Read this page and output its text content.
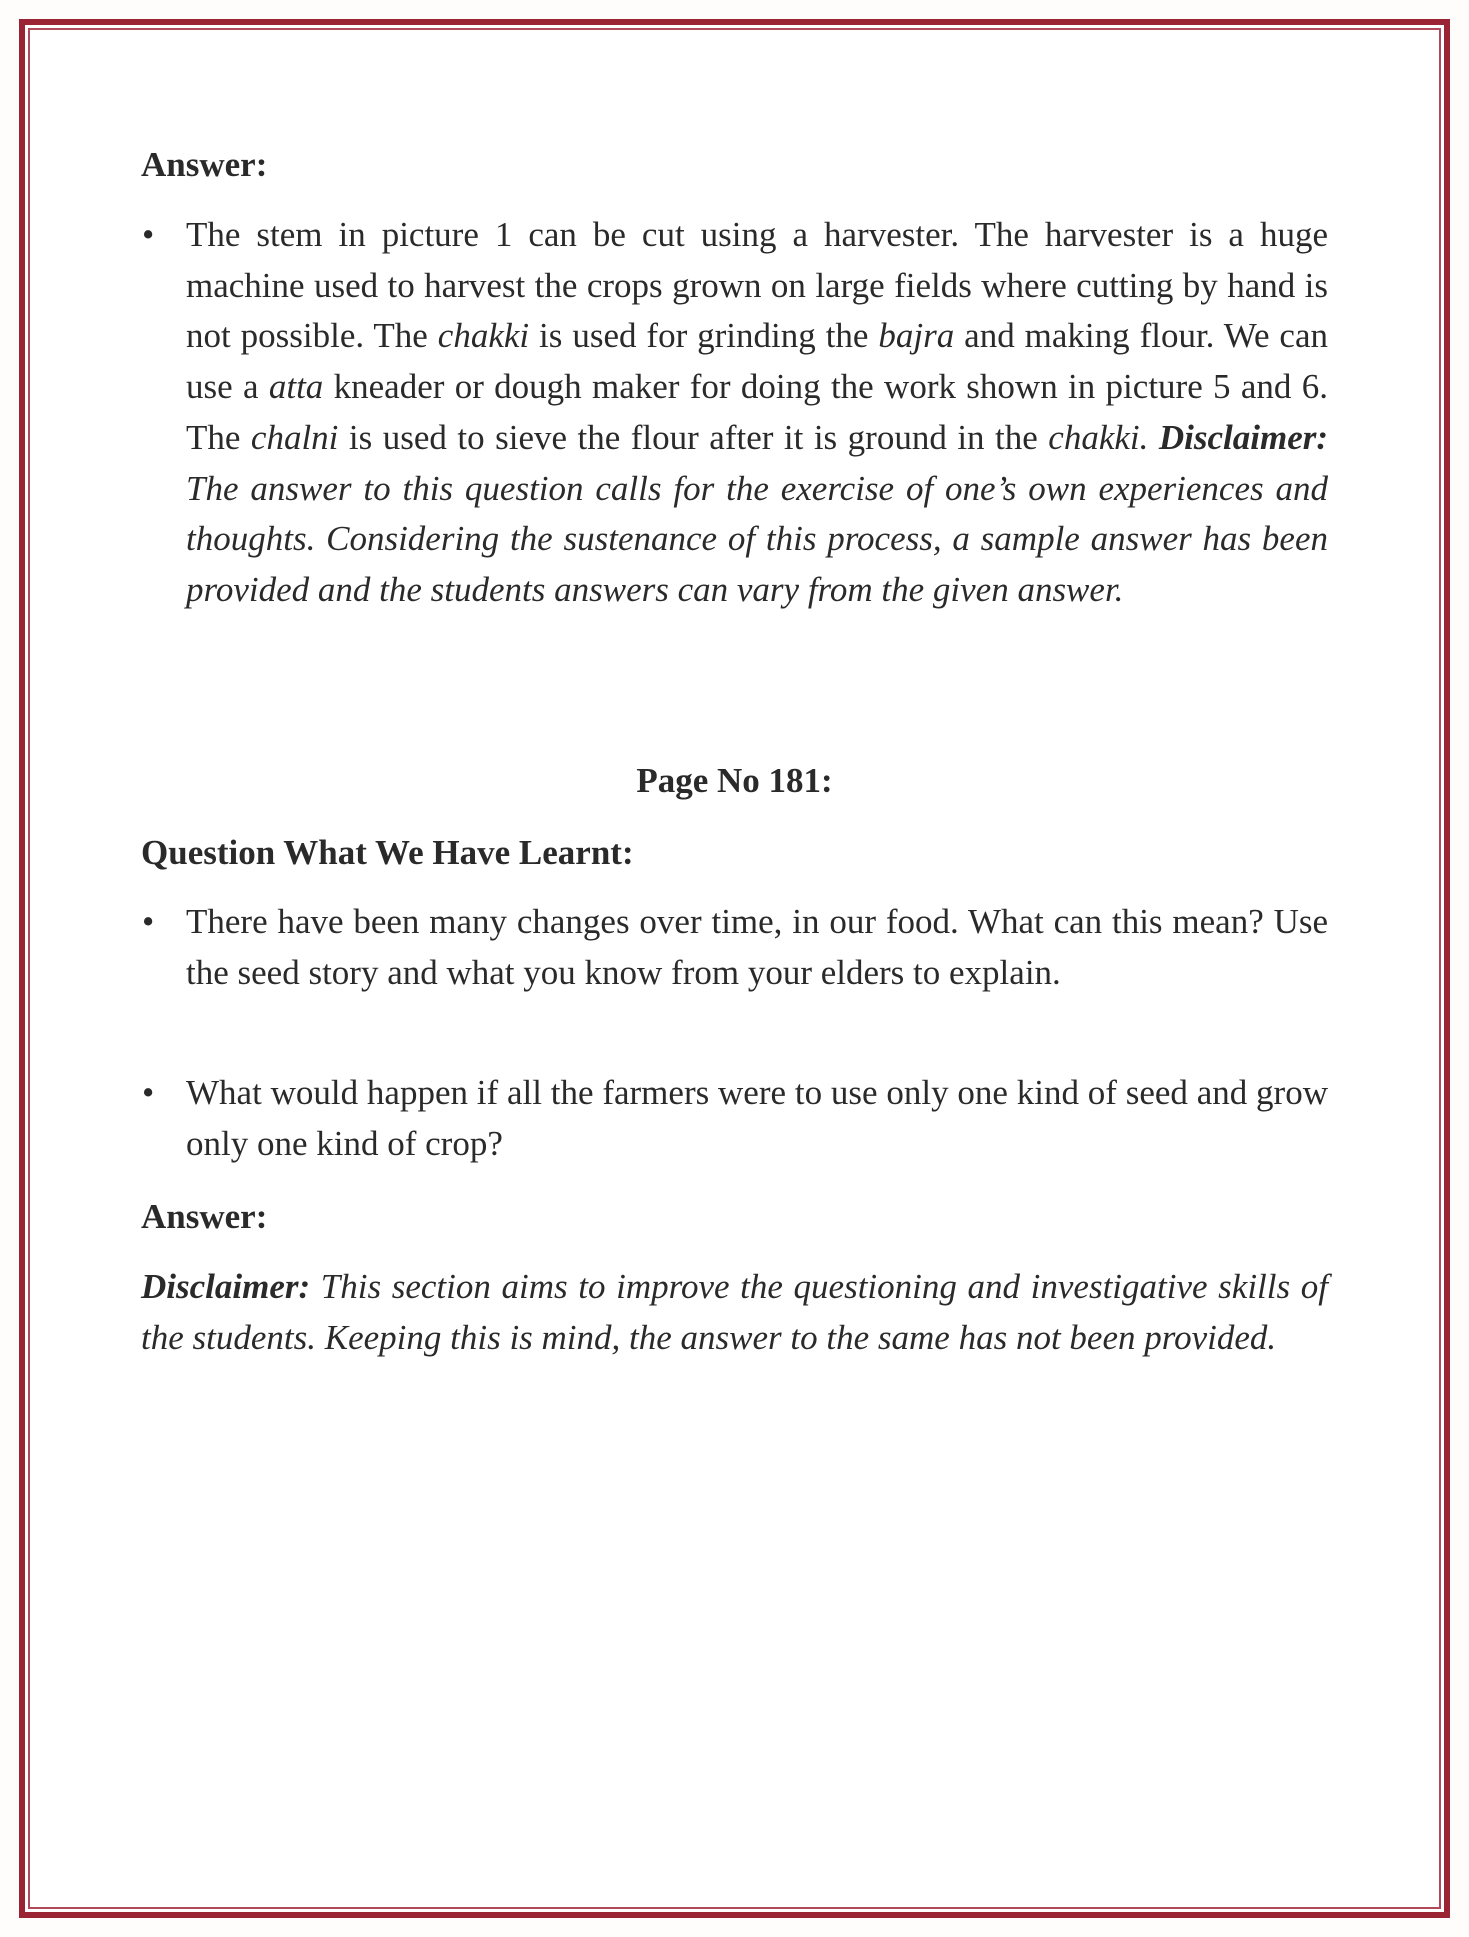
Answer:
• The stem in picture 1 can be cut using a harvester. The harvester is a huge machine used to harvest the crops grown on large fields where cutting by hand is not possible. The chakki is used for grinding the bajra and making flour. We can use a atta kneader or dough maker for doing the work shown in picture 5 and 6. The chalni is used to sieve the flour after it is ground in the chakki. Disclaimer: The answer to this question calls for the exercise of one’s own experiences and thoughts. Considering the sustenance of this process, a sample answer has been provided and the students answers can vary from the given answer.
Page No 181:
Question What We Have Learnt:
• There have been many changes over time, in our food. What can this mean? Use the seed story and what you know from your elders to explain.
• What would happen if all the farmers were to use only one kind of seed and grow only one kind of crop?
Answer:
Disclaimer: This section aims to improve the questioning and investigative skills of the students. Keeping this is mind, the answer to the same has not been provided.
